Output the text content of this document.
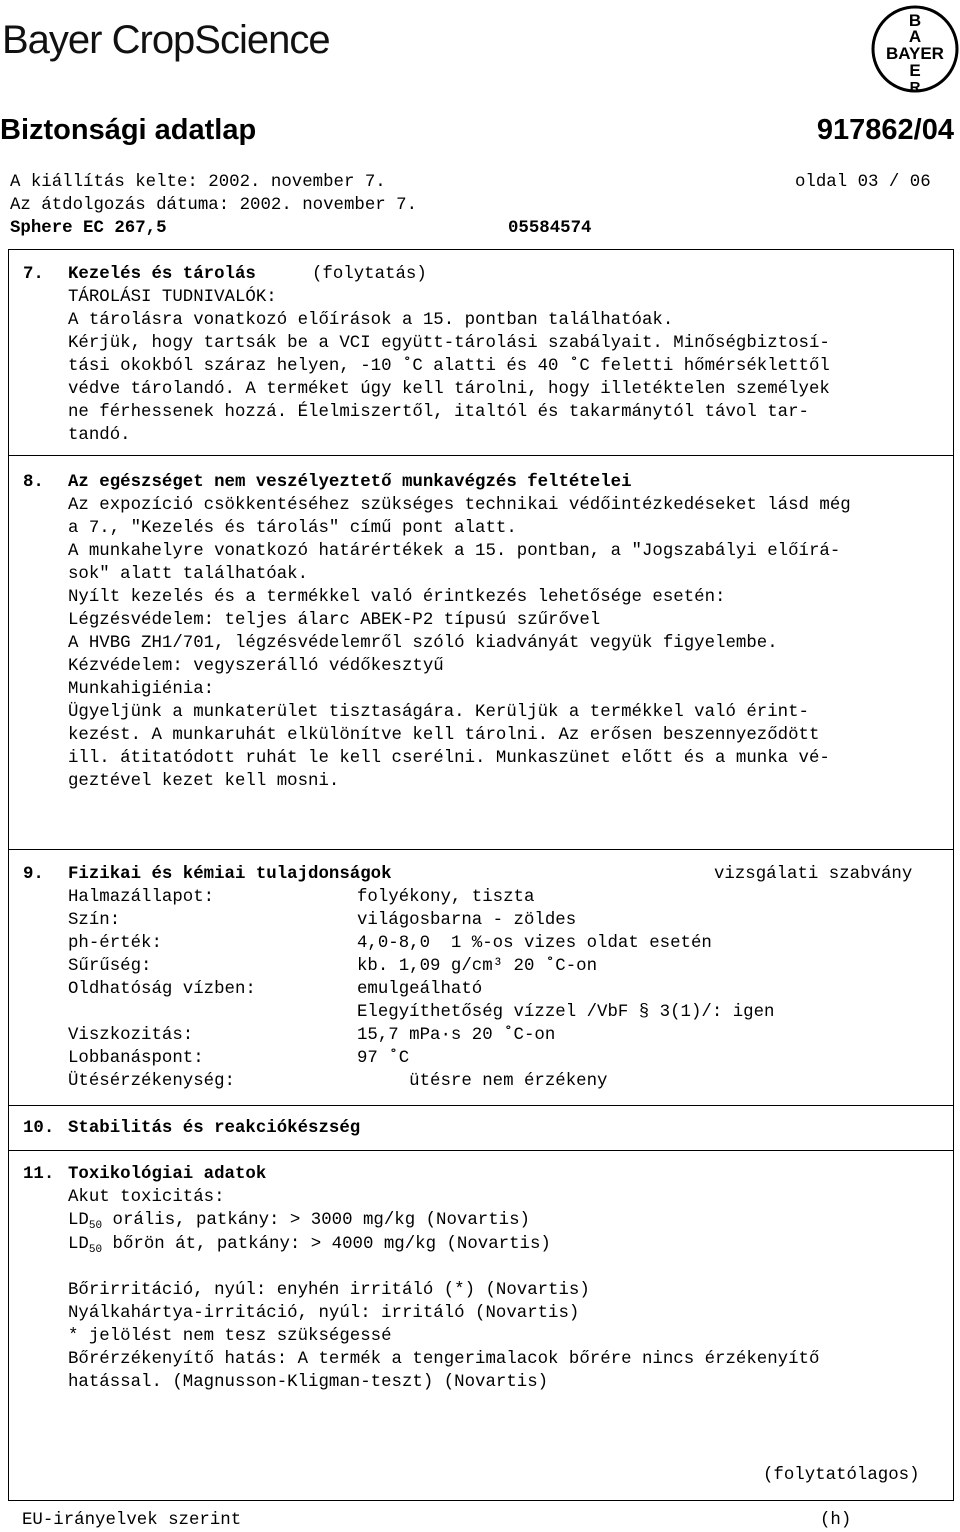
Bayer CropScience	B
A
BAYER
E
R
Biztonsági adatlap	917862/04
A kiállítás kelte: 2002. november 7.	oldal 03 / 06
Az átdolgozás dátuma: 2002. november 7.
Sphere EC 267,5	05584574
7. Kezelés és tárolás	(folytatás)
TÁROLÁSI TUDNIVALÓK:
A tárolásra vonatkozó előírások a 15. pontban találhatóak.
Kérjük, hogy tartsák be a VCI együtt-tárolási szabályait. Minőségbiztosí-
tási okokból száraz helyen, -10 ˚C alatti és 40 ˚C feletti hőmérséklettől
védve tárolandó. A terméket úgy kell tárolni, hogy illetéktelen személyek
ne férhessenek hozzá. Élelmiszertől, italtól és takarmánytól távol tar-
tandó.
8. Az egészséget nem veszélyeztető munkavégzés feltételei
Az expozíció csökkentéséhez szükséges technikai védőintézkedéseket lásd még
a 7., "Kezelés és tárolás" című pont alatt.
A munkahelyre vonatkozó határértékek a 15. pontban, a "Jogszabályi előírá-
sok" alatt találhatóak.
Nyílt kezelés és a termékkel való érintkezés lehetősége esetén:
Légzésvédelem: teljes álarc ABEK-P2 típusú szűrővel
A HVBG ZH1/701, légzésvédelemről szóló kiadványát vegyük figyelembe.
Kézvédelem: vegyszerálló védőkesztyű
Munkahigiénia:
Ügyeljünk a munkaterület tisztaságára. Kerüljük a termékkel való érint-
kezést. A munkaruhát elkülönítve kell tárolni. Az erősen beszennyeződött
ill. átitatódott ruhát le kell cserélni. Munkaszünet előtt és a munka vé-
geztével kezet kell mosni.
9. Fizikai és kémiai tulajdonságok	vizsgálati szabvány
Halmazállapot:	folyékony, tiszta
Szín:	világosbarna - zöldes
ph-érték:	4,0-8,0  1 %-os vizes oldat esetén
Sűrűség:	kb. 1,09 g/cm³ 20 ˚C-on
Oldhatóság vízben:	emulgeálható
Elegyíthetőség vízzel /VbF § 3(1)/: igen
Viszkozitás:	15,7 mPa·s 20 ˚C-on
Lobbanáspont:	97 ˚C
Ütésérzékenység:	ütésre nem érzékeny
10. Stabilitás és reakciókészség
11. Toxikológiai adatok
Akut toxicitás:
$LD_{50}$ orális, patkány: > 3000 mg/kg (Novartis)
$LD_{50}$ bőrön át, patkány: > 4000 mg/kg (Novartis)
Bőrirritáció, nyúl: enyhén irritáló (*) (Novartis)
Nyálkahártya-irritáció, nyúl: irritáló (Novartis)
* jelölést nem tesz szükségessé
Bőrérzékenyítő hatás: A termék a tengerimalacok bőrére nincs érzékenyítő
hatással. (Magnusson-Kligman-teszt) (Novartis)
(folytatólagos)
EU-irányelvek szerint	(h)
